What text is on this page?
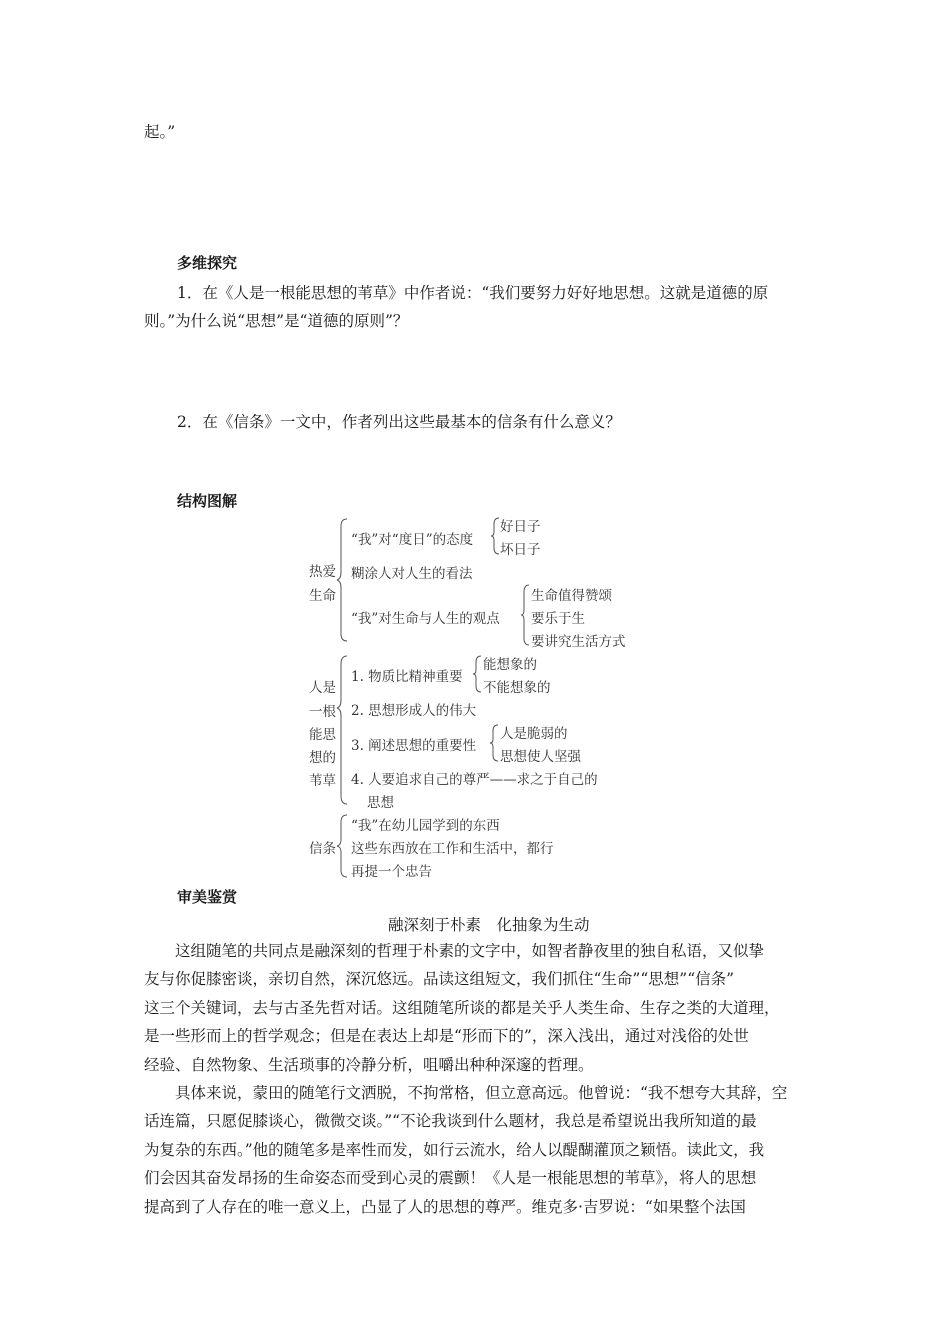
起。”
多维探究
1．在《人是一根能思想的苇草》中作者说：“我们要努力好好地思想。这就是道德的原
则。”为什么说“思想”是“道德的原则”？
2．在《信条》一文中，作者列出这些最基本的信条有什么意义？
结构图解
热爱
生命
“我”对“度日”的态度
好日子
坏日子
糊涂人对人生的看法
“我”对生命与人生的观点
生命值得赞颂
要乐于生
要讲究生活方式
人是
一根
能思
想的
苇草
1. 物质比精神重要
能想象的
不能想象的
2. 思想形成人的伟大
3. 阐述思想的重要性
人是脆弱的
思想使人坚强
4. 人要追求自己的尊严——求之于自己的
思想
信条
“我”在幼儿园学到的东西
这些东西放在工作和生活中，都行
再提一个忠告
审美鉴赏
融深刻于朴素　化抽象为生动
　　这组随笔的共同点是融深刻的哲理于朴素的文字中，如智者静夜里的独自私语，又似挚
友与你促膝密谈，亲切自然，深沉悠远。品读这组短文，我们抓住“生命”“思想”“信条”
这三个关键词，去与古圣先哲对话。这组随笔所谈的都是关乎人类生命、生存之类的大道理，
是一些形而上的哲学观念；但是在表达上却是“形而下的”，深入浅出，通过对浅俗的处世
经验、自然物象、生活琐事的冷静分析，咀嚼出种种深邃的哲理。
　　具体来说，蒙田的随笔行文洒脱，不拘常格，但立意高远。他曾说：“我不想夸大其辞，空
话连篇，只愿促膝谈心，微微交谈。”“不论我谈到什么题材，我总是希望说出我所知道的最
为复杂的东西。”他的随笔多是率性而发，如行云流水，给人以醍醐灌顶之颖悟。读此文，我
们会因其奋发昂扬的生命姿态而受到心灵的震颤！《人是一根能思想的苇草》，将人的思想
提高到了人存在的唯一意义上，凸显了人的思想的尊严。维克多·吉罗说：“如果整个法国
